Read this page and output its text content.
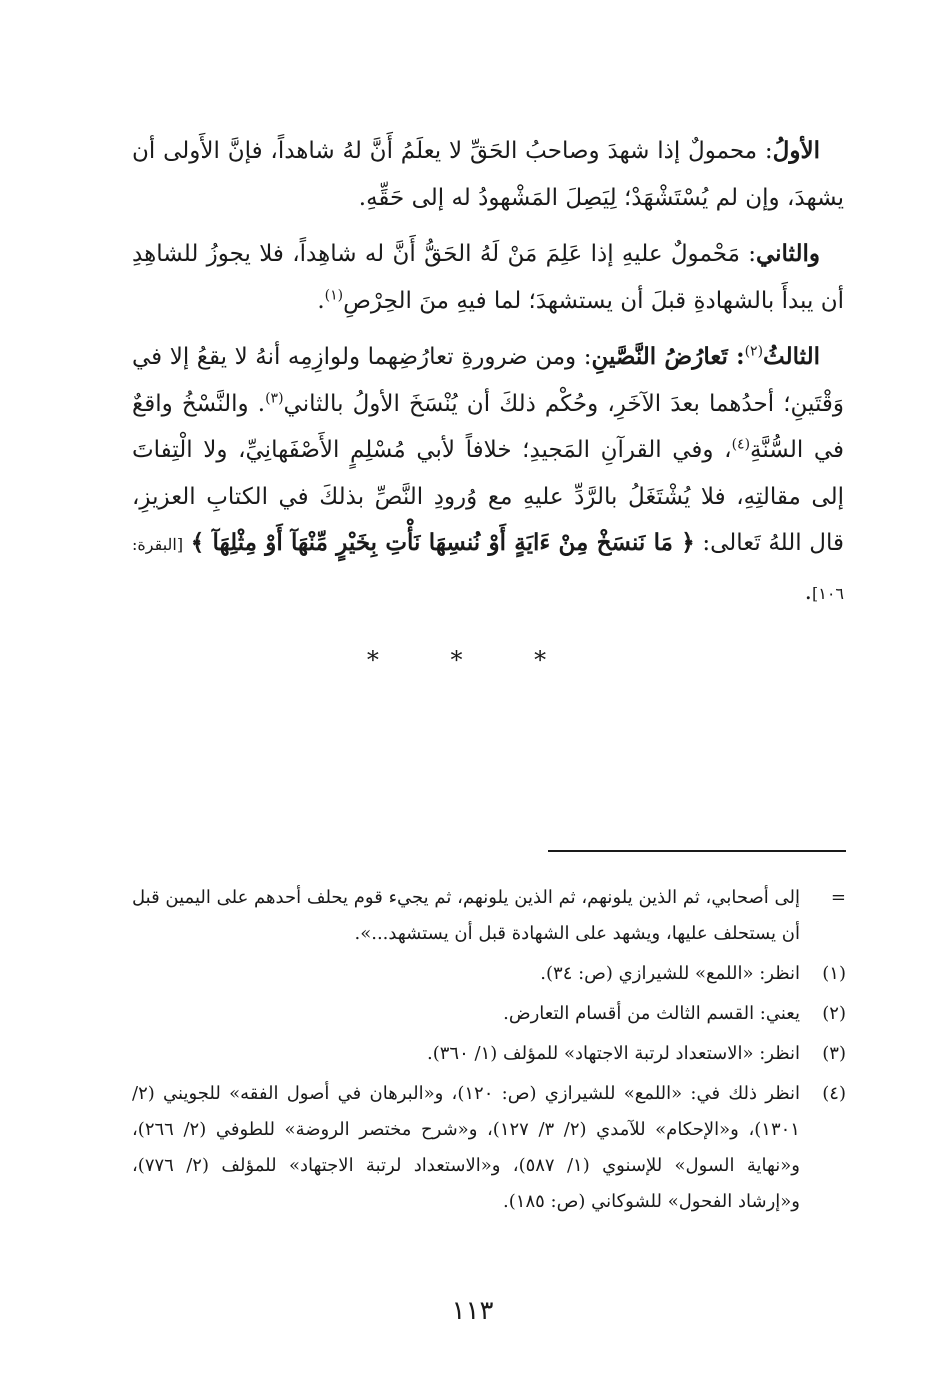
الأولُ: محمولٌ إذا شهدَ وصاحبُ الحَقِّ لا يعلَمُ أَنَّ لهُ شاهداً، فإنَّ الأَولى أن يشهدَ، وإن لم يُسْتَشْهَدْ؛ لِيَصِلَ المَشْهودُ له إلى حَقِّهِ.

والثاني: مَحْمولٌ عليهِ إذا عَلِمَ مَنْ لَهُ الحَقُّ أَنَّ له شاهِداً، فلا يجوزُ للشاهِدِ أن يبدأَ بالشهادةِ قبلَ أن يستشهدَ؛ لما فيهِ منَ الحِرْصِ$^{(١)}$.

الثالثُ$^{(٢)}$: تَعارُضُ النَّصَّينِ: ومن ضرورةِ تعارُضِهما ولوازِمِه أنهُ لا يقعُ إلا في وَقْتَينِ؛ أحدُهما بعدَ الآخَرِ، وحُكْم ذلكَ أن يُنْسَخَ الأولُ بالثاني$^{(٣)}$. والنَّسْخُ واقعٌ في السُّنَّةِ$^{(٤)}$، وفي القرآنِ المَجيدِ؛ خلافاً لأبي مُسْلِمٍ الأَصْفَهانِيِّ، ولا الْتِفاتَ إلى مقالتِهِ، فلا يُشْتَغَلُ بالرَّدِّ عليهِ مع وُرودِ النَّصِّ بذلكَ في الكتابِ العزيزِ، قال اللهُ تَعالى: ﴿ مَا نَنسَخْ مِنْ ءَايَةٍ أَوْ نُنسِهَا نَأْتِ بِخَيْرٍ مِّنْهَآ أَوْ مِثْلِهَآ ﴾ [البقرة: ١٠٦].

* * *
=
إلى أصحابي، ثم الذين يلونهم، ثم الذين يلونهم، ثم يجيء قوم يحلف أحدهم على اليمين قبل أن يستحلف عليها، ويشهد على الشهادة قبل أن يستشهد...».
(١)
انظر: «اللمع» للشيرازي (ص: ٣٤).
(٢)
يعني: القسم الثالث من أقسام التعارض.
(٣)
انظر: «الاستعداد لرتبة الاجتهاد» للمؤلف (١/ ٣٦٠).
(٤)
انظر ذلك في: «اللمع» للشيرازي (ص: ١٢٠)، و«البرهان في أصول الفقه» للجويني (٢/ ١٣٠١)، و«الإحكام» للآمدي (٢/ ٣/ ١٢٧)، و«شرح مختصر الروضة» للطوفي (٢/ ٢٦٦)، و«نهاية السول» للإسنوي (١/ ٥٨٧)، و«الاستعداد لرتبة الاجتهاد» للمؤلف (٢/ ٧٧٦)، و«إرشاد الفحول» للشوكاني (ص: ١٨٥).
١١٣
